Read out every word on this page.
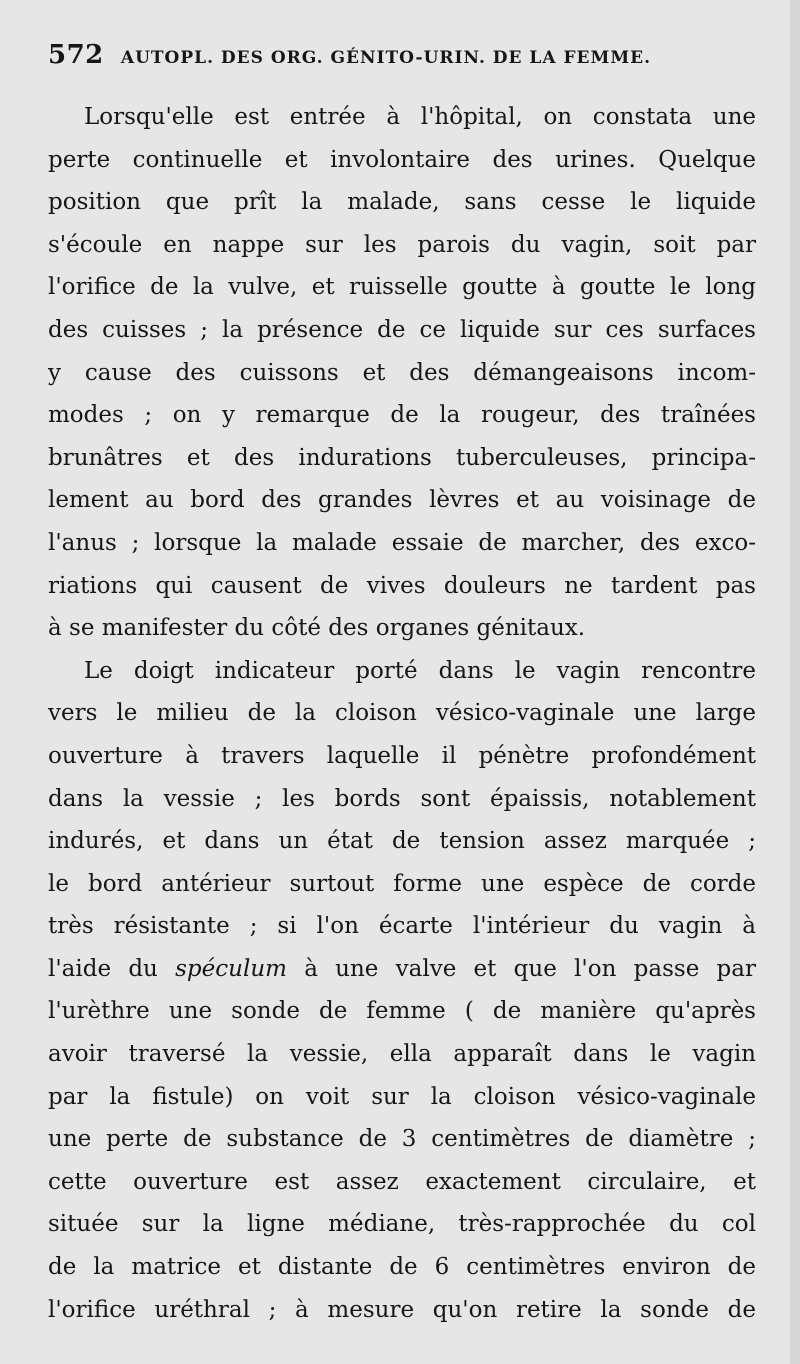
572 AUTOPL. DES ORG. GÉNITO-URIN. DE LA FEMME.
Lorsqu'elle est entrée à l'hôpital, on constata une
perte continuelle et involontaire des urines. Quelque
position que prît la malade, sans cesse le liquide
s'écoule en nappe sur les parois du vagin, soit par
l'orifice de la vulve, et ruisselle goutte à goutte le long
des cuisses ; la présence de ce liquide sur ces surfaces
y cause des cuissons et des démangeaisons incom-
modes ; on y remarque de la rougeur, des traînées
brunâtres et des indurations tuberculeuses, principa-
lement au bord des grandes lèvres et au voisinage de
l'anus ; lorsque la malade essaie de marcher, des exco-
riations qui causent de vives douleurs ne tardent pas
à se manifester du côté des organes génitaux.
Le doigt indicateur porté dans le vagin rencontre
vers le milieu de la cloison vésico-vaginale une large
ouverture à travers laquelle il pénètre profondément
dans la vessie ; les bords sont épaissis, notablement
indurés, et dans un état de tension assez marquée ;
le bord antérieur surtout forme une espèce de corde
très résistante ; si l'on écarte l'intérieur du vagin à
l'aide du spéculum à une valve et que l'on passe par
l'urèthre une sonde de femme ( de manière qu'après
avoir traversé la vessie, ella apparaît dans le vagin
par la fistule) on voit sur la cloison vésico-vaginale
une perte de substance de 3 centimètres de diamètre ;
cette ouverture est assez exactement circulaire, et
située sur la ligne médiane, très-rapprochée du col
de la matrice et distante de 6 centimètres environ de
l'orifice uréthral ; à mesure qu'on retire la sonde de
